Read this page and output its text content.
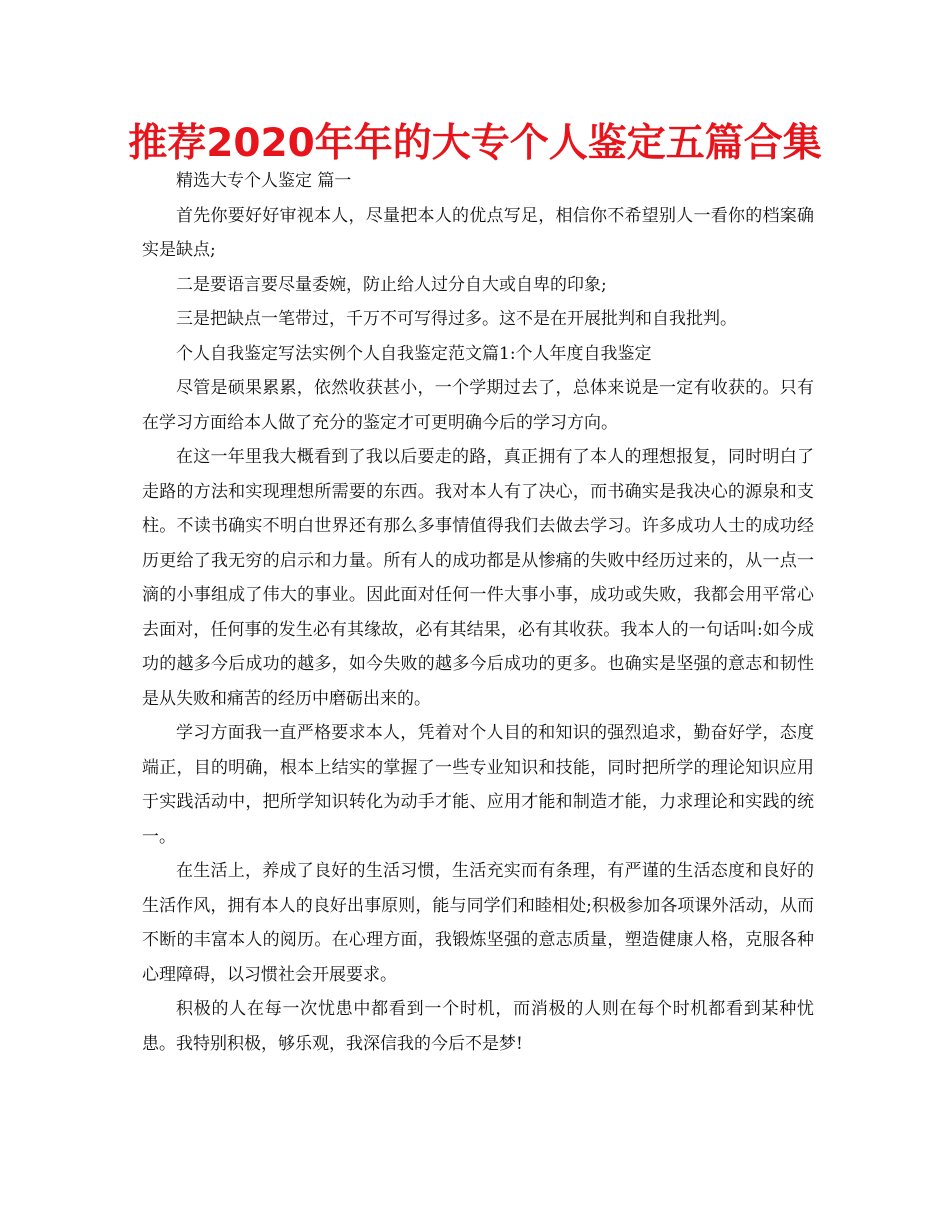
推荐2020年年的大专个人鉴定五篇合集

精选大专个人鉴定 篇一

首先你要好好审视本人，尽量把本人的优点写足，相信你不希望别人一看你的档案确实是缺点;

二是要语言要尽量委婉，防止给人过分自大或自卑的印象;

三是把缺点一笔带过，千万不可写得过多。这不是在开展批判和自我批判。

个人自我鉴定写法实例个人自我鉴定范文篇1:个人年度自我鉴定

尽管是硕果累累，依然收获甚小，一个学期过去了，总体来说是一定有收获的。只有在学习方面给本人做了充分的鉴定才可更明确今后的学习方向。

在这一年里我大概看到了我以后要走的路，真正拥有了本人的理想报复，同时明白了走路的方法和实现理想所需要的东西。我对本人有了决心，而书确实是我决心的源泉和支柱。不读书确实不明白世界还有那么多事情值得我们去做去学习。许多成功人士的成功经历更给了我无穷的启示和力量。所有人的成功都是从惨痛的失败中经历过来的，从一点一滴的小事组成了伟大的事业。因此面对任何一件大事小事，成功或失败，我都会用平常心去面对，任何事的发生必有其缘故，必有其结果，必有其收获。我本人的一句话叫:如今成功的越多今后成功的越多，如今失败的越多今后成功的更多。也确实是坚强的意志和韧性是从失败和痛苦的经历中磨砺出来的。

学习方面我一直严格要求本人，凭着对个人目的和知识的强烈追求，勤奋好学，态度端正，目的明确，根本上结实的掌握了一些专业知识和技能，同时把所学的理论知识应用于实践活动中，把所学知识转化为动手才能、应用才能和制造才能，力求理论和实践的统一。

在生活上，养成了良好的生活习惯，生活充实而有条理，有严谨的生活态度和良好的生活作风，拥有本人的良好出事原则，能与同学们和睦相处;积极参加各项课外活动，从而不断的丰富本人的阅历。在心理方面，我锻炼坚强的意志质量，塑造健康人格，克服各种心理障碍，以习惯社会开展要求。

积极的人在每一次忧患中都看到一个时机，而消极的人则在每个时机都看到某种忧患。我特别积极，够乐观，我深信我的今后不是梦!
